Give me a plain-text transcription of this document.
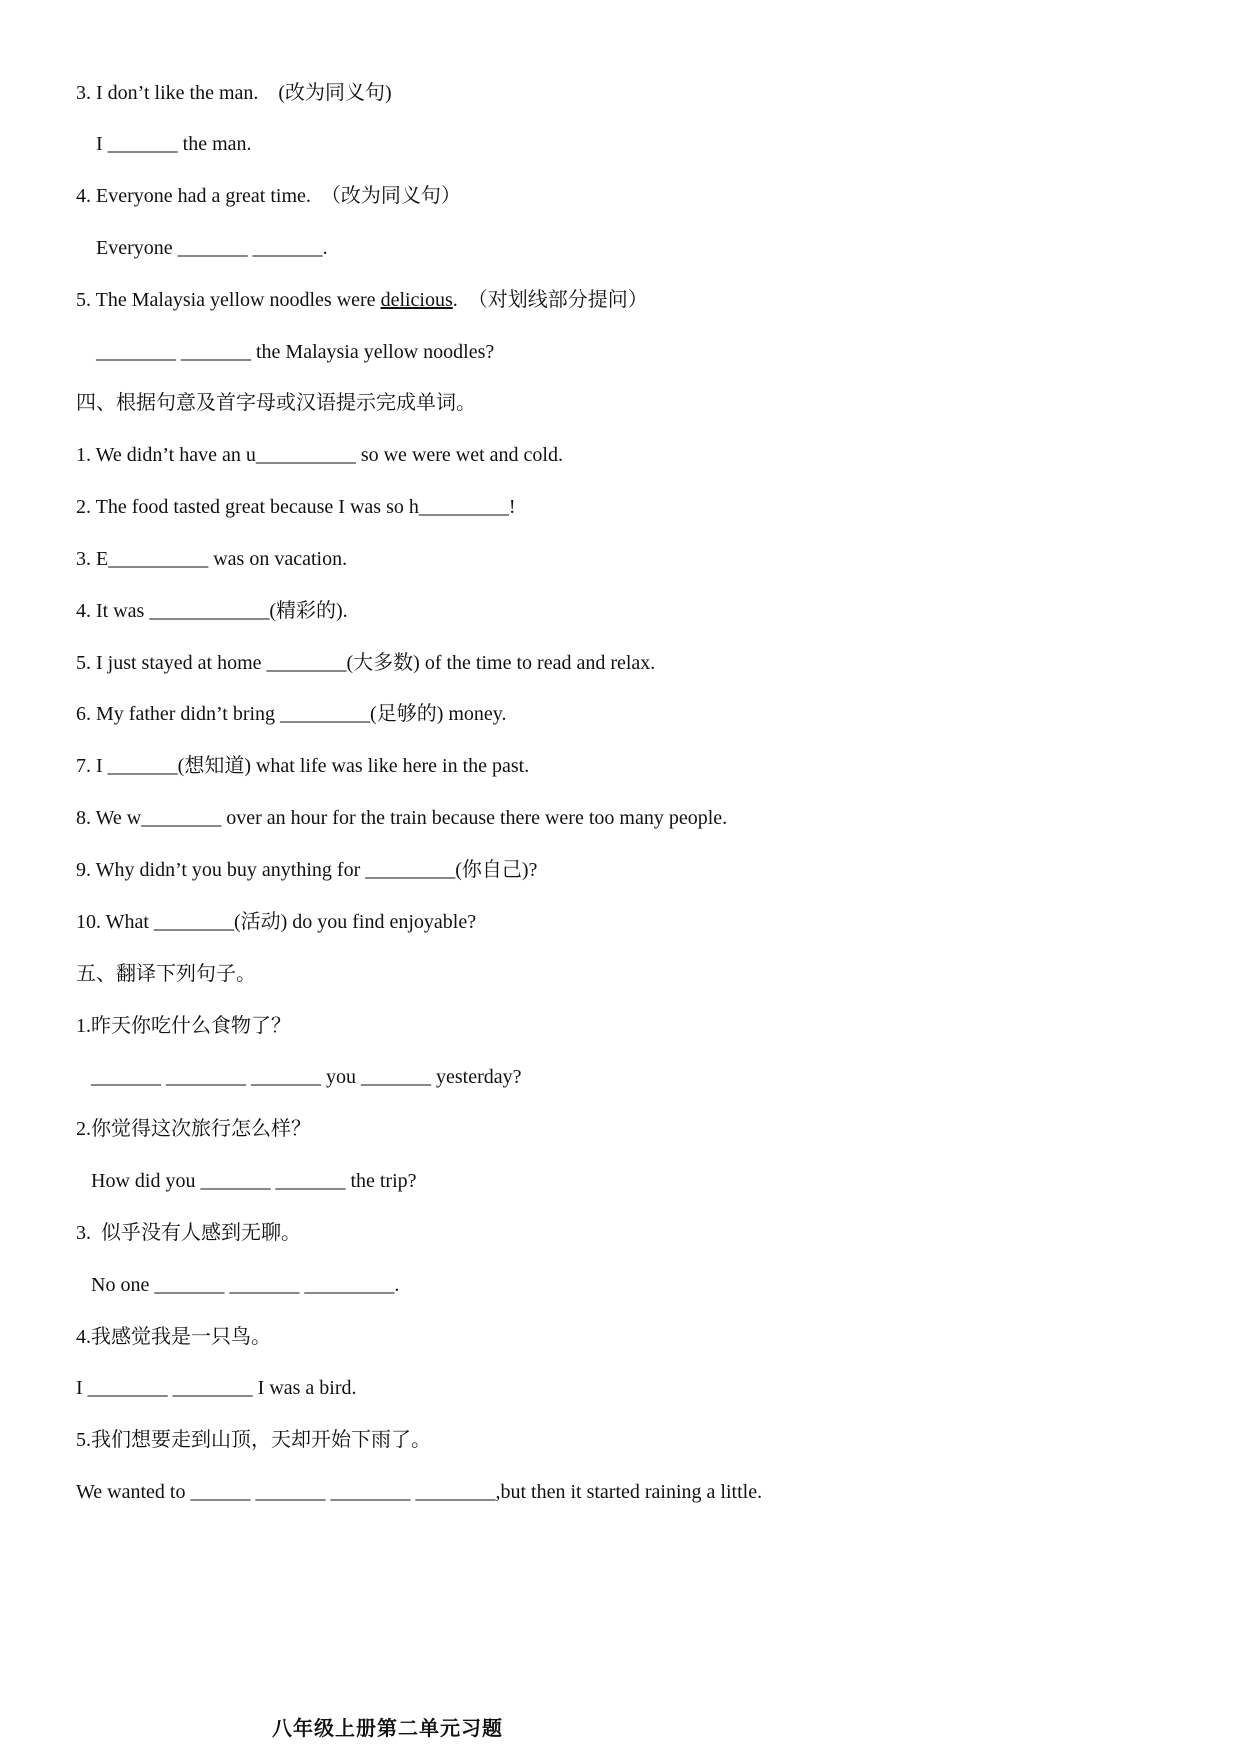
3. I don’t like the man.    (改为同义句)
I _______ the man.
4. Everyone had a great time.  （改为同义句）
Everyone _______ _______.
5. The Malaysia yellow noodles were delicious.  （对划线部分提问）
________ _______ the Malaysia yellow noodles?
四、根据句意及首字母或汉语提示完成单词。
1. We didn’t have an u__________ so we were wet and cold.
2. The food tasted great because I was so h_________!
3. E__________ was on vacation.
4. It was ____________(精彩的).
5. I just stayed at home ________(大多数) of the time to read and relax.
6. My father didn’t bring _________(足够的) money.
7. I _______(想知道) what life was like here in the past.
8. We w________ over an hour for the train because there were too many people.
9. Why didn’t you buy anything for _________(你自己)?
10. What ________(活动) do you find enjoyable?
五、翻译下列句子。
1.昨天你吃什么食物了？
_______ ________ _______ you _______ yesterday?
2.你觉得这次旅行怎么样？
How did you _______ _______ the trip?
3.  似乎没有人感到无聊。
No one _______ _______ _________.
4.我感觉我是一只鸟。
I ________ ________ I was a bird.
5.我们想要走到山顶，天却开始下雨了。
We wanted to ______ _______ ________ ________,but then it started raining a little.
八年级上册第二单元习题
